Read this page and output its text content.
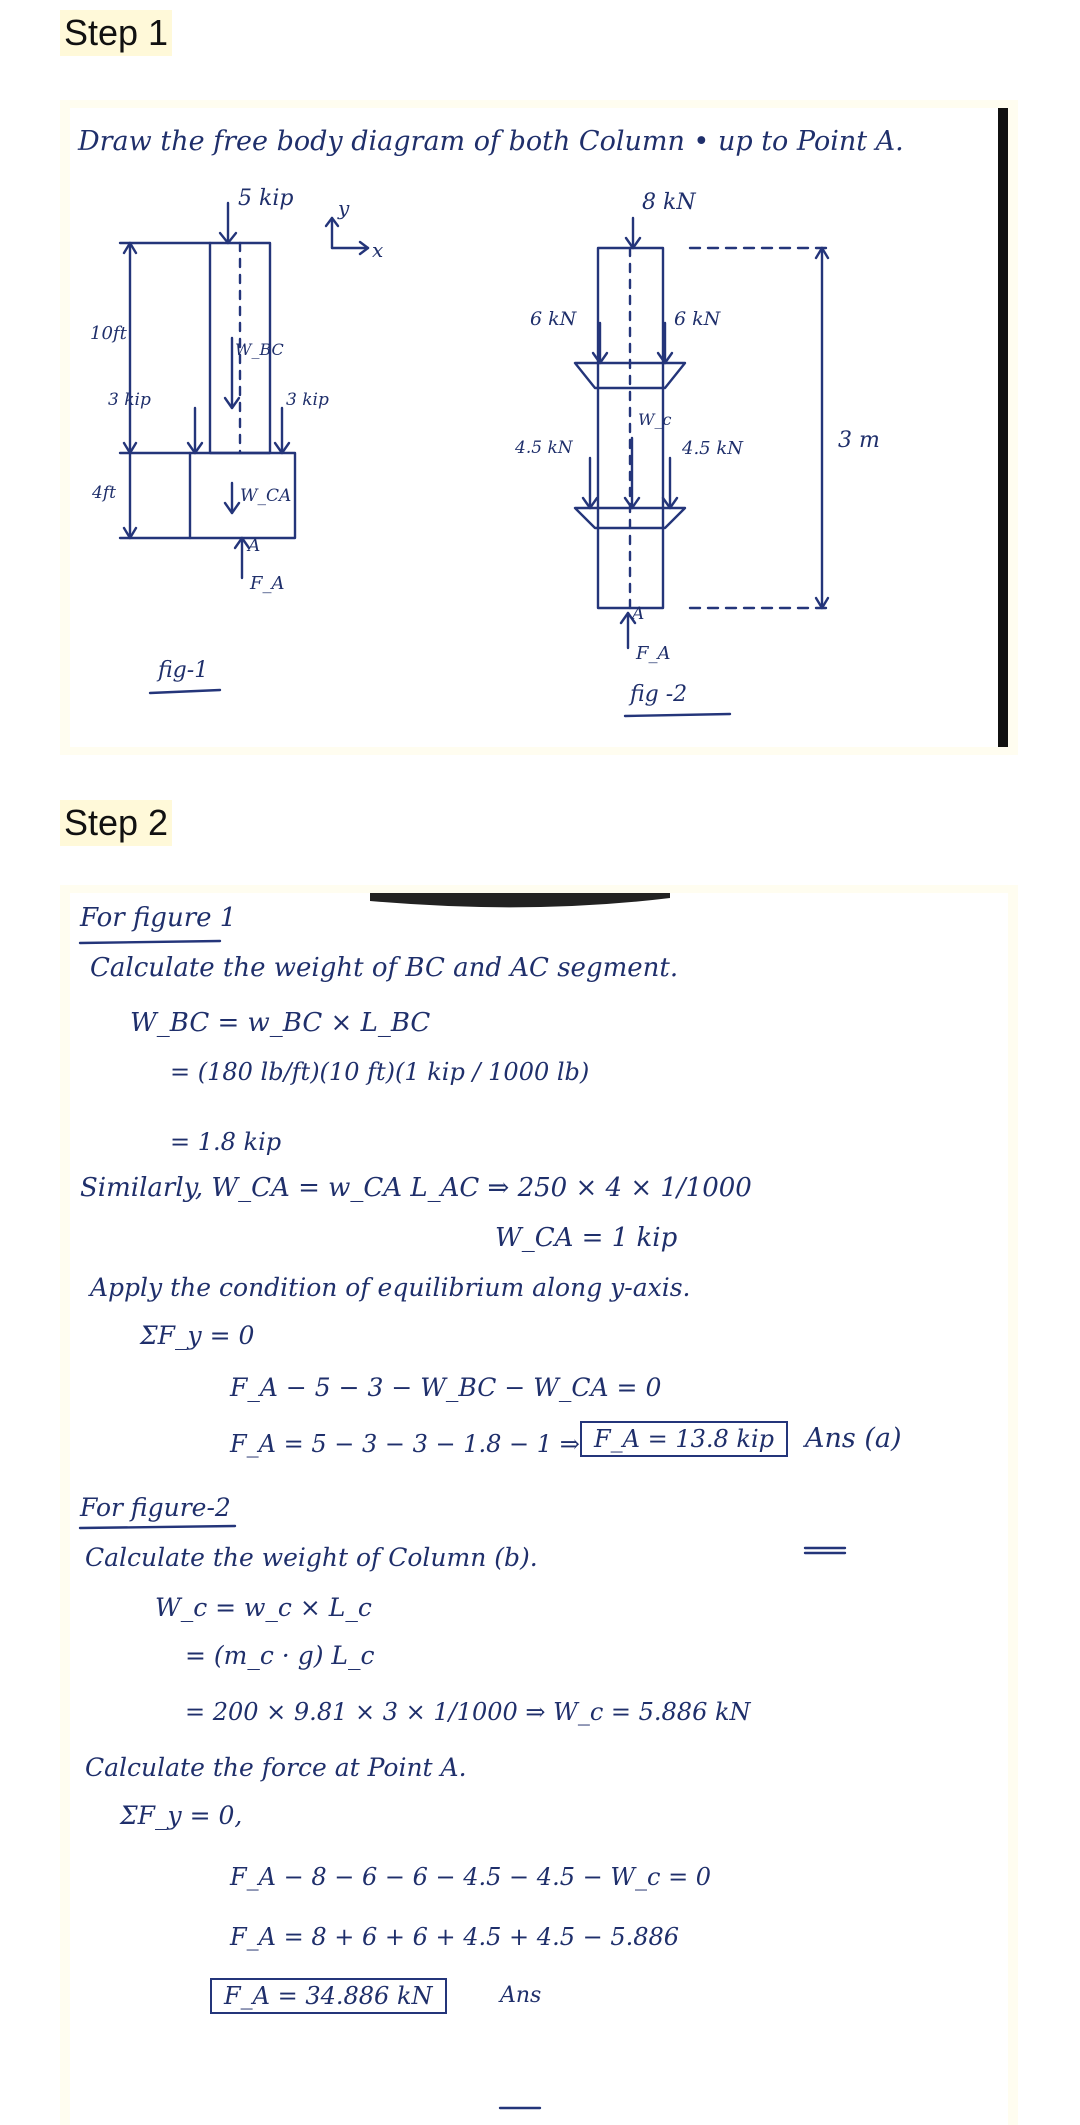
Step 1
Draw the free body diagram of both Column • up to Point A.
5 kip y
x
10ft
W_BC
3 kip	3 kip
4ft	W_CA
A
F_A
fig-1
8 kN
6 kN	6 kN
W_c
4.5 kN	4.5 kN	3 m
A
F_A
fig -2
Step 2
For figure 1
Calculate the weight of BC and AC segment.
W_BC = w_BC × L_BC
= (180 lb/ft)(10 ft)(1 kip / 1000 lb)
= 1.8 kip
Similarly, W_CA = w_CA L_AC ⇒ 250 × 4 × 1/1000
W_CA = 1 kip
Apply the condition of equilibrium along y-axis.
ΣF_y = 0
F_A − 5 − 3 − W_BC − W_CA = 0
F_A = 5 − 3 − 3 − 1.8 − 1 ⇒ F_A = 13.8 kip	Ans (a)
For figure-2
Calculate the weight of Column (b).
W_c = w_c × L_c
= (m_c · g) L_c
= 200 × 9.81 × 3 × 1/1000 ⇒ W_c = 5.886 kN
Calculate the force at Point A.
ΣF_y = 0,
F_A − 8 − 6 − 6 − 4.5 − 4.5 − W_c = 0
F_A = 8 + 6 + 6 + 4.5 + 4.5 − 5.886
F_A = 34.886 kN	Ans
